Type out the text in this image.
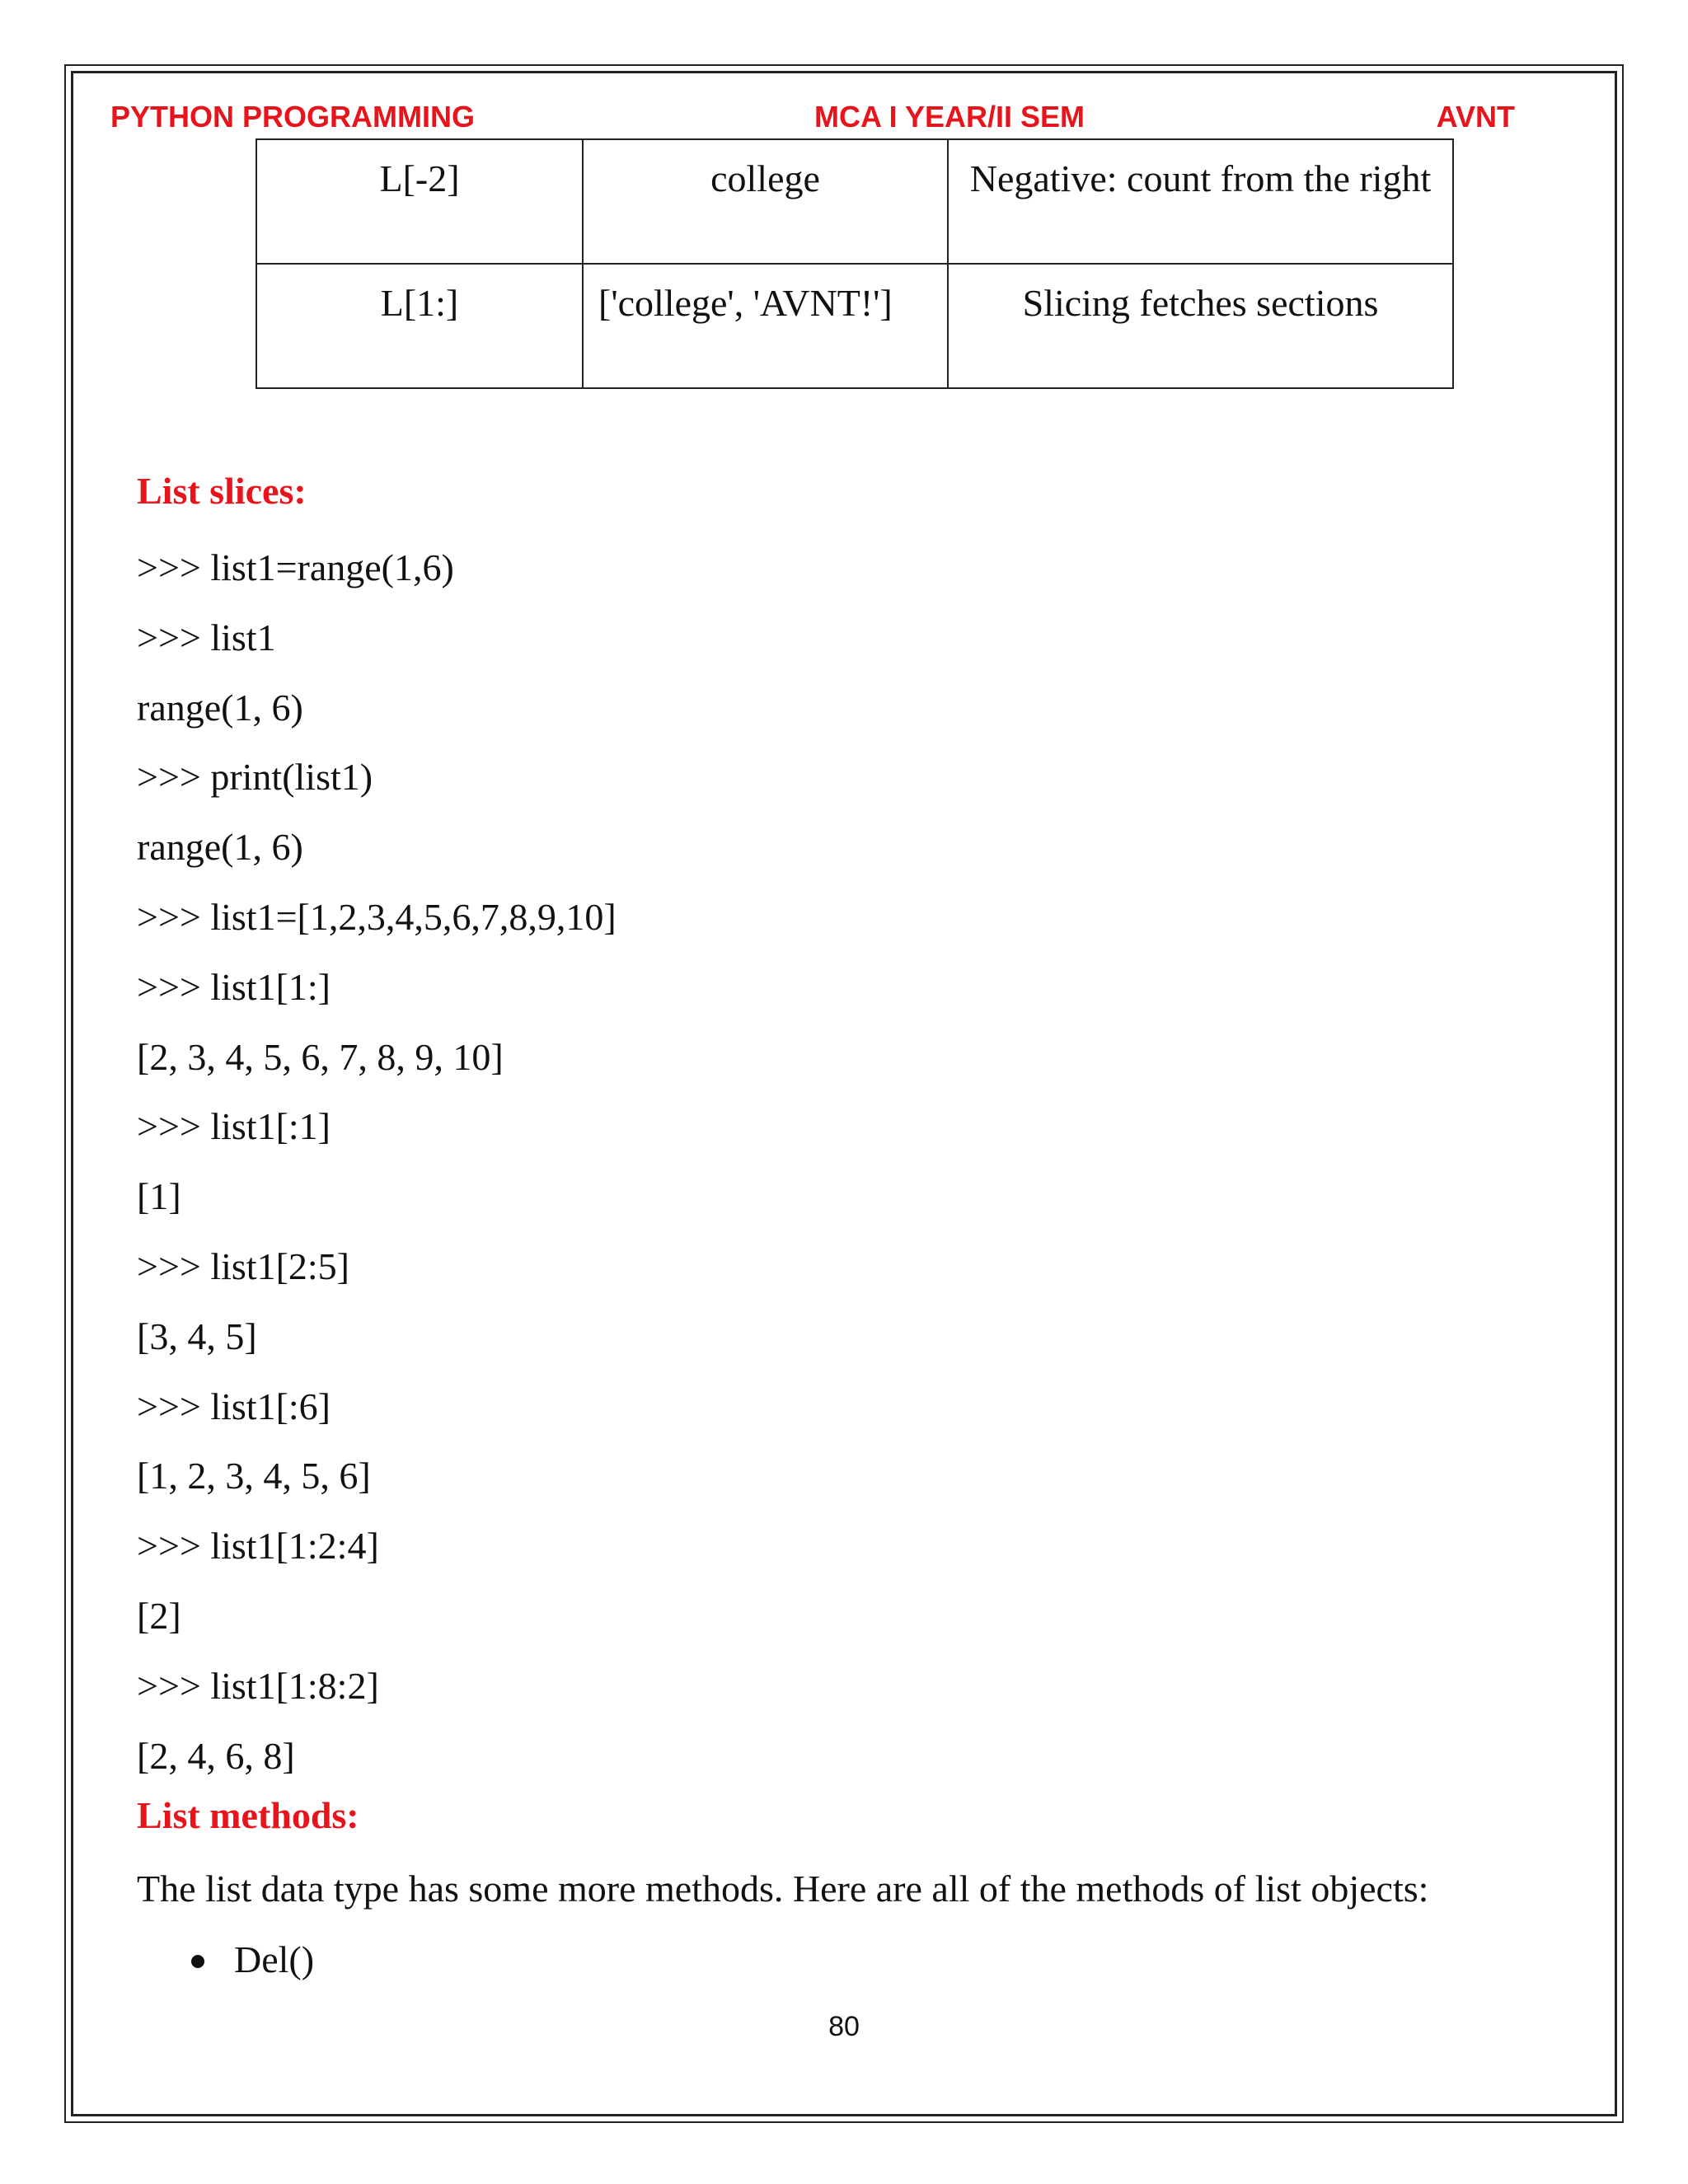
PYTHON PROGRAMMING	MCA I YEAR/II SEM	AVNT
L[-2]	college	Negative: count from the right
L[1:]	['college', 'AVNT!']	Slicing fetches sections
List slices:
>>> list1=range(1,6)
>>> list1
range(1, 6)
>>> print(list1)
range(1, 6)
>>> list1=[1,2,3,4,5,6,7,8,9,10]
>>> list1[1:]
[2, 3, 4, 5, 6, 7, 8, 9, 10]
>>> list1[:1]
[1]
>>> list1[2:5]
[3, 4, 5]
>>> list1[:6]
[1, 2, 3, 4, 5, 6]
>>> list1[1:2:4]
[2]
>>> list1[1:8:2]
[2, 4, 6, 8]
List methods:
The list data type has some more methods. Here are all of the methods of list objects:
Del()
80
